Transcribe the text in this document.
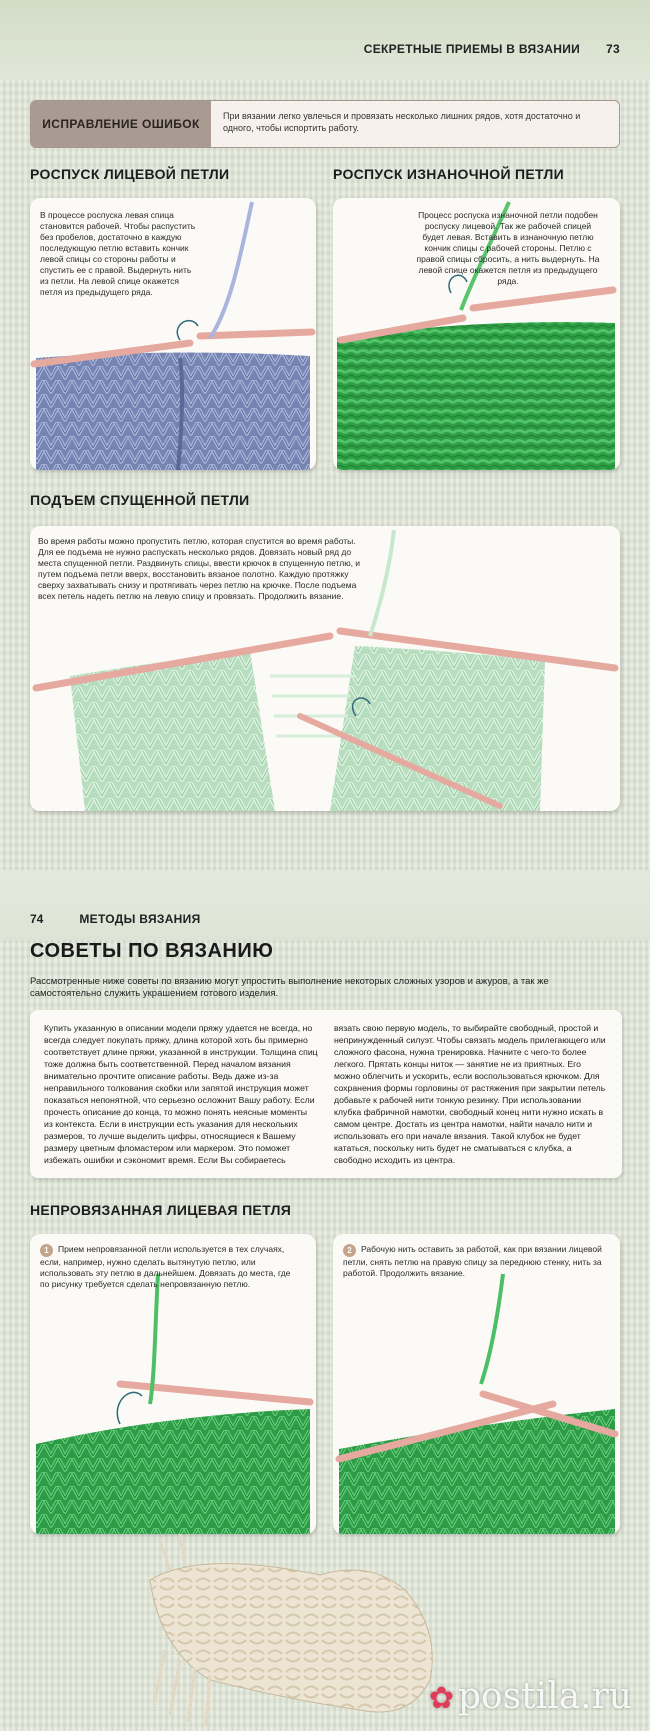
СЕКРЕТНЫЕ ПРИЕМЫ В ВЯЗАНИИ 73
ИСПРАВЛЕНИЕ ОШИБОК
При вязании легко увлечься и провязать несколько лишних рядов, хотя достаточно и одного, чтобы испортить работу.
РОСПУСК ЛИЦЕВОЙ ПЕТЛИ	РОСПУСК ИЗНАНОЧНОЙ ПЕТЛИ
В процессе роспуска левая спица становится рабочей. Чтобы распустить без пробелов, достаточно в каждую последующую петлю вставить кончик левой спицы со стороны работы и спустить ее с правой. Выдернуть нить из петли. На левой спице окажется петля из предыдущего ряда.
Процесс роспуска изнаночной петли подобен роспуску лицевой. Так же рабочей спицей будет левая. Вставить в изнаночную петлю кончик спицы с рабочей стороны. Петлю с правой спицы сбросить, а нить выдернуть. На левой спице окажется петля из предыдущего ряда.
ПОДЪЕМ СПУЩЕННОЙ ПЕТЛИ
Во время работы можно пропустить петлю, которая спустится во время работы. Для ее подъема не нужно распускать несколько рядов. Довязать новый ряд до места спущенной петли. Раздвинуть спицы, ввести крючок в спущенную петлю, и путем подъема петли вверх, восстановить вязаное полотно. Каждую протяжку сверху захватывать снизу и протягивать через петлю на крючке. После подъема всех петель надеть петлю на левую спицу и провязать. Продолжить вязание.
74	МЕТОДЫ ВЯЗАНИЯ
СОВЕТЫ ПО ВЯЗАНИЮ
Рассмотренные ниже советы по вязанию могут упростить выполнение некоторых сложных узоров и ажуров, а так же самостоятельно служить украшением готового изделия.
Купить указанную в описании модели пряжу удается не всегда, но всегда следует покупать пряжу, длина которой хоть бы примерно соответствует длине пряжи, указанной в инструкции. Толщина спиц тоже должна быть соответственной. Перед началом вязания внимательно прочтите описание работы. Ведь даже из-за неправильного толкования скобки или запятой инструкция может показаться непонятной, что серьезно осложнит Вашу работу. Если прочесть описание до конца, то можно понять неясные моменты из контекста. Если в инструкции есть указания для нескольких размеров, то лучше выделить цифры, относящиеся к Вашему размеру цветным фломастером или маркером. Это поможет избежать ошибки и сэкономит время. Если Вы собираетесь
вязать свою первую модель, то выбирайте свободный, простой и непринужденный силуэт. Чтобы связать модель прилегающего или сложного фасона, нужна тренировка. Начните с чего-то более легкого. Прятать концы ниток — занятие не из приятных. Его можно облегчить и ускорить, если воспользоваться крючком. Для сохранения формы горловины от растяжения при закрытии петель добавьте к рабочей нити тонкую резинку. При использовании клубка фабричной намотки, свободный конец нити нужно искать в самом центре. Достать из центра намотки, найти начало нити и использовать его при начале вязания. Такой клубок не будет кататься, поскольку нить будет не сматываться с клубка, а свободно исходить из центра.
НЕПРОВЯЗАННАЯ ЛИЦЕВАЯ ПЕТЛЯ
1 Прием непровязанной петли используется в тех случаях, если, например, нужно сделать вытянутую петлю, или использовать эту петлю в дальнейшем. Довязать до места, где по рисунку требуется сделать непровязанную петлю.
2 Рабочую нить оставить за работой, как при вязании лицевой петли, снять петлю на правую спицу за переднюю стенку, нить за работой. Продолжить вязание.
✿ postila.ru
